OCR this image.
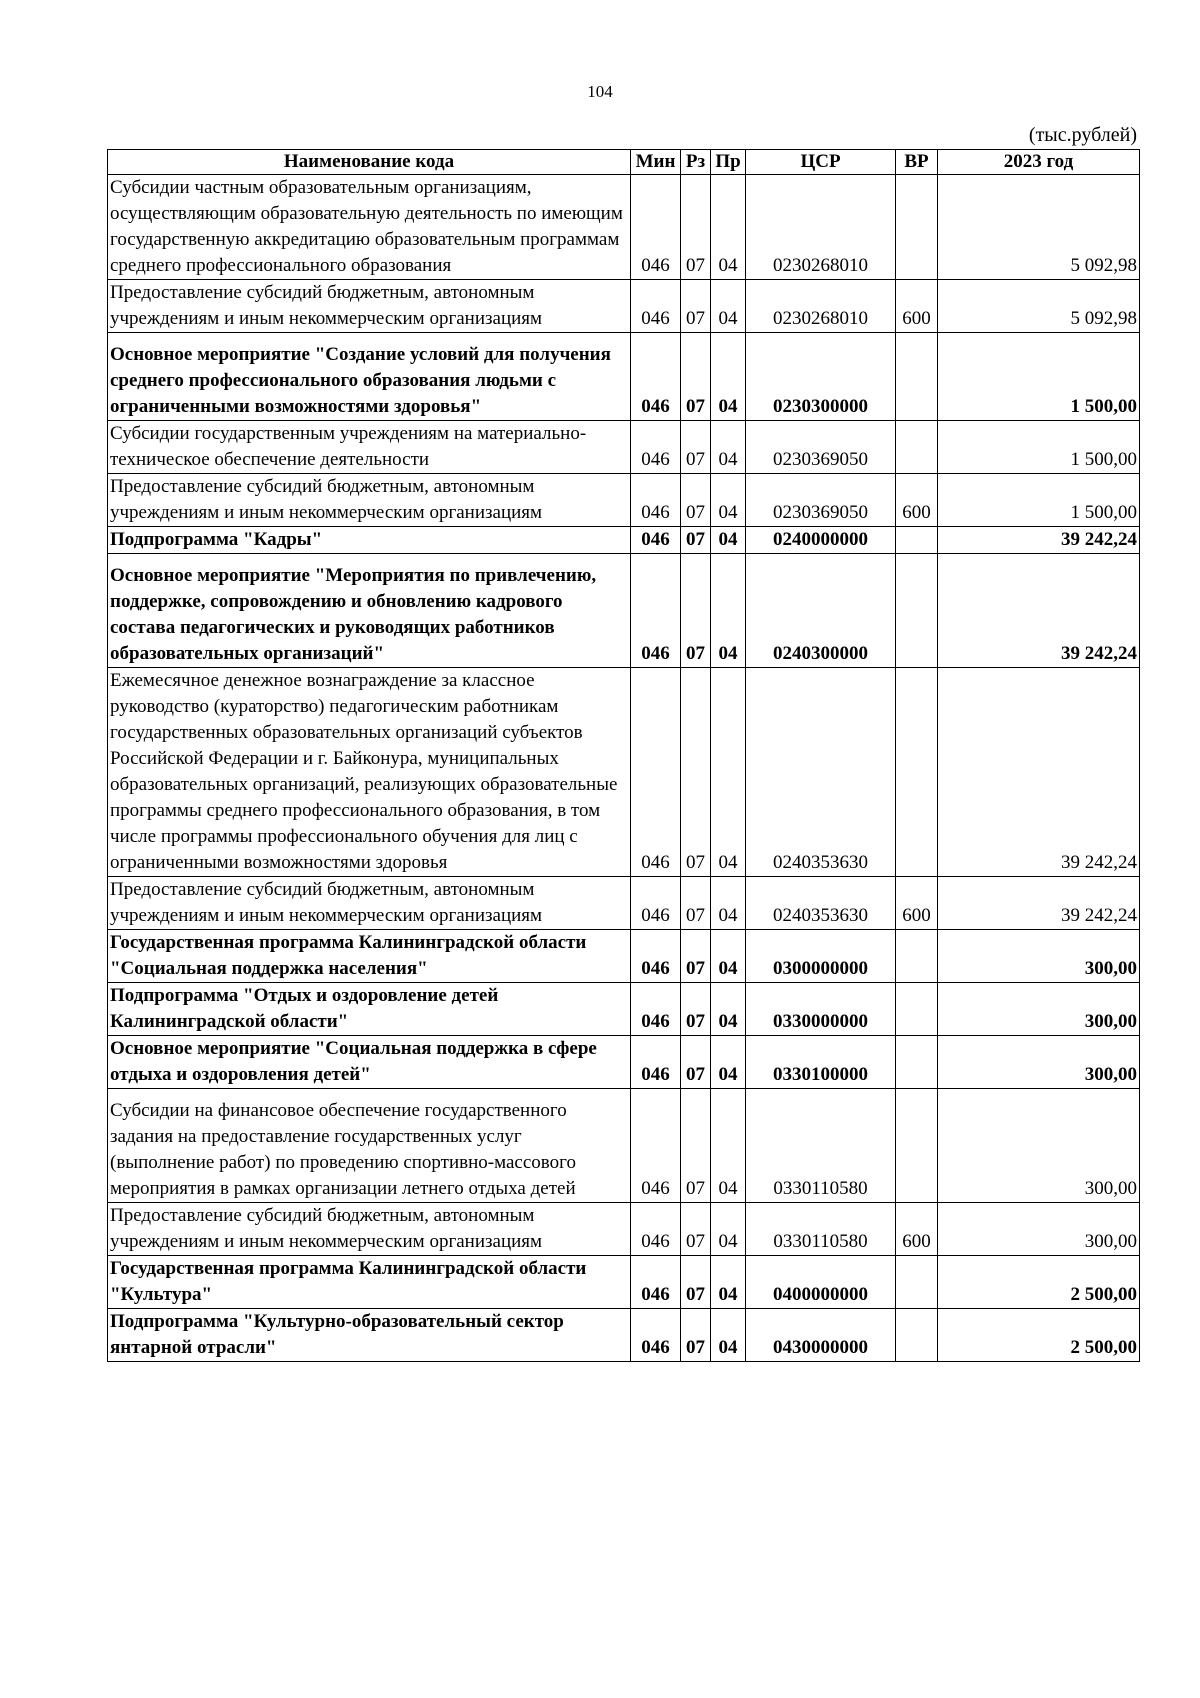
104
(тыс.рублей)
Наименование кода	Мин	Рз	Пр	ЦСР	ВР	2023 год
Субсидии частным образовательным организациям, осуществляющим образовательную деятельность по имеющим государственную аккредитацию образовательным программам среднего профессионального образования	046	07	04	0230268010		5 092,98
Предоставление субсидий бюджетным, автономным учреждениям и иным некоммерческим организациям	046	07	04	0230268010	600	5 092,98
Основное мероприятие "Создание условий для получения среднего профессионального образования людьми с ограниченными возможностями здоровья"	046	07	04	0230300000		1 500,00
Субсидии государственным учреждениям на материально-техническое обеспечение деятельности	046	07	04	0230369050		1 500,00
Предоставление субсидий бюджетным, автономным учреждениям и иным некоммерческим организациям	046	07	04	0230369050	600	1 500,00
Подпрограмма "Кадры"	046	07	04	0240000000		39 242,24
Основное мероприятие "Мероприятия по привлечению, поддержке, сопровождению и обновлению кадрового состава педагогических и руководящих работников образовательных организаций"	046	07	04	0240300000		39 242,24
Ежемесячное денежное вознаграждение за классное руководство (кураторство) педагогическим работникам государственных образовательных организаций субъектов Российской Федерации и г. Байконура, муниципальных образовательных организаций, реализующих образовательные программы среднего профессионального образования, в том числе программы профессионального обучения для лиц с ограниченными возможностями здоровья	046	07	04	0240353630		39 242,24
Предоставление субсидий бюджетным, автономным учреждениям и иным некоммерческим организациям	046	07	04	0240353630	600	39 242,24
Государственная программа Калининградской области "Социальная поддержка населения"	046	07	04	0300000000		300,00
Подпрограмма "Отдых и оздоровление детей Калининградской области"	046	07	04	0330000000		300,00
Основное мероприятие "Социальная поддержка в сфере отдыха и оздоровления детей"	046	07	04	0330100000		300,00
Субсидии на финансовое обеспечение государственного задания на предоставление государственных услуг (выполнение работ) по проведению спортивно-массового мероприятия в рамках организации летнего отдыха детей	046	07	04	0330110580		300,00
Предоставление субсидий бюджетным, автономным учреждениям и иным некоммерческим организациям	046	07	04	0330110580	600	300,00
Государственная программа Калининградской области "Культура"	046	07	04	0400000000		2 500,00
Подпрограмма "Культурно-образовательный сектор янтарной отрасли"	046	07	04	0430000000		2 500,00
